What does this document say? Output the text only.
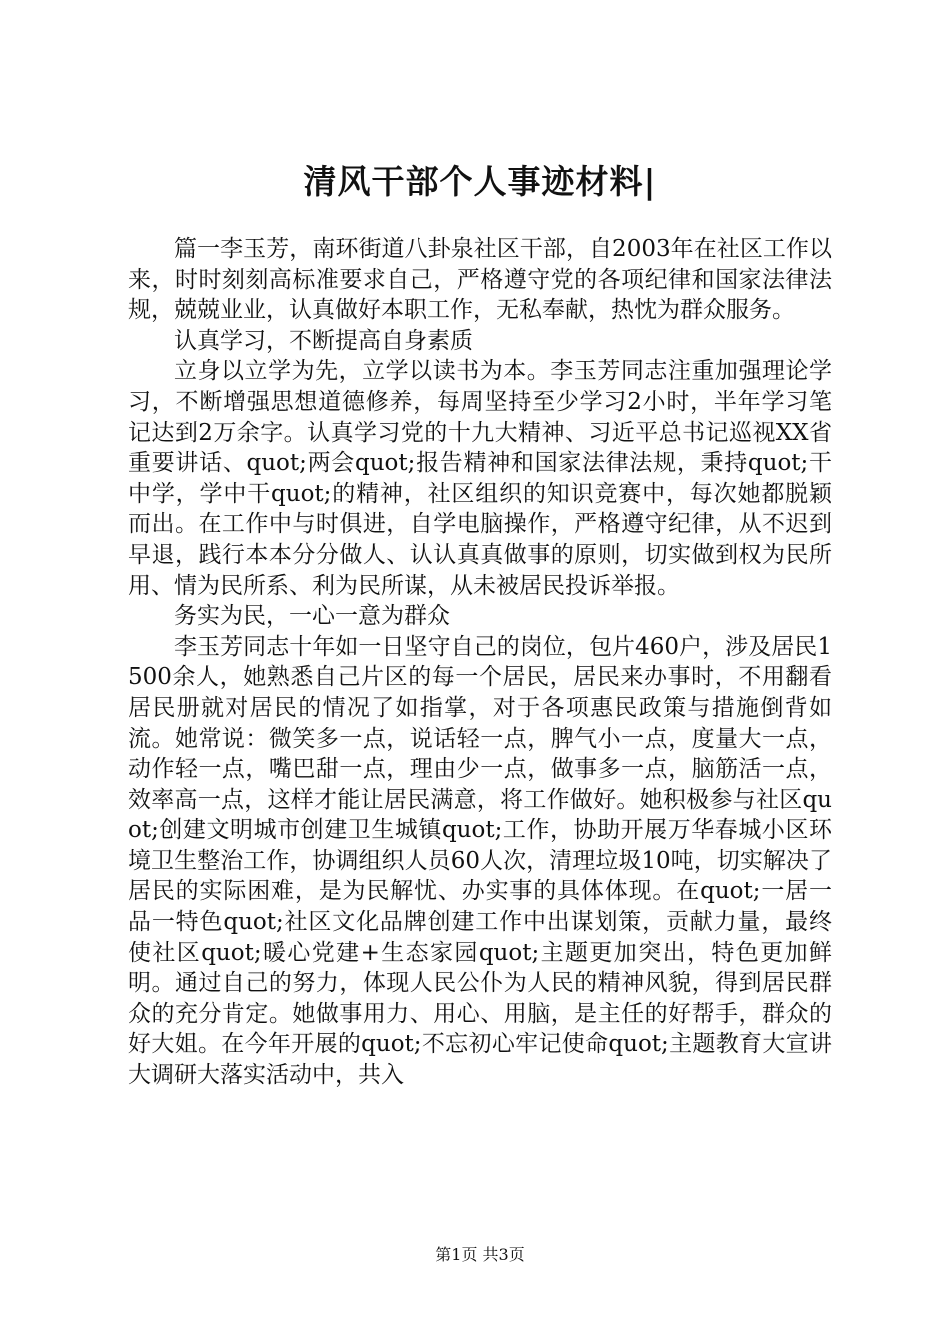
清风干部个人事迹材料|

篇一李玉芳，南环街道八卦泉社区干部，自2003年在社区工作以来，时时刻刻高标准要求自己，严格遵守党的各项纪律和国家法律法规，兢兢业业，认真做好本职工作，无私奉献，热忱为群众服务。

认真学习，不断提高自身素质

立身以立学为先，立学以读书为本。李玉芳同志注重加强理论学习，不断增强思想道德修养，每周坚持至少学习2小时，半年学习笔记达到2万余字。认真学习党的十九大精神、习近平总书记巡视XX省重要讲话、quot;两会quot;报告精神和国家法律法规，秉持quot;干中学，学中干quot;的精神，社区组织的知识竞赛中，每次她都脱颖而出。在工作中与时俱进，自学电脑操作，严格遵守纪律，从不迟到早退，践行本本分分做人、认认真真做事的原则，切实做到权为民所用、情为民所系、利为民所谋，从未被居民投诉举报。

务实为民，一心一意为群众

李玉芳同志十年如一日坚守自己的岗位，包片460户，涉及居民1500余人，她熟悉自己片区的每一个居民，居民来办事时，不用翻看居民册就对居民的情况了如指掌，对于各项惠民政策与措施倒背如流。她常说：微笑多一点，说话轻一点，脾气小一点，度量大一点，动作轻一点，嘴巴甜一点，理由少一点，做事多一点，脑筋活一点，效率高一点，这样才能让居民满意，将工作做好。她积极参与社区quot;创建文明城市创建卫生城镇quot;工作，协助开展万华春城小区环境卫生整治工作，协调组织人员60人次，清理垃圾10吨，切实解决了居民的实际困难，是为民解忧、办实事的具体体现。在quot;一居一品一特色quot;社区文化品牌创建工作中出谋划策，贡献力量，最终使社区quot;暖心党建+生态家园quot;主题更加突出，特色更加鲜明。通过自己的努力，体现人民公仆为人民的精神风貌，得到居民群众的充分肯定。她做事用力、用心、用脑，是主任的好帮手，群众的好大姐。在今年开展的quot;不忘初心牢记使命quot;主题教育大宣讲大调研大落实活动中，共入

第1页 共3页
